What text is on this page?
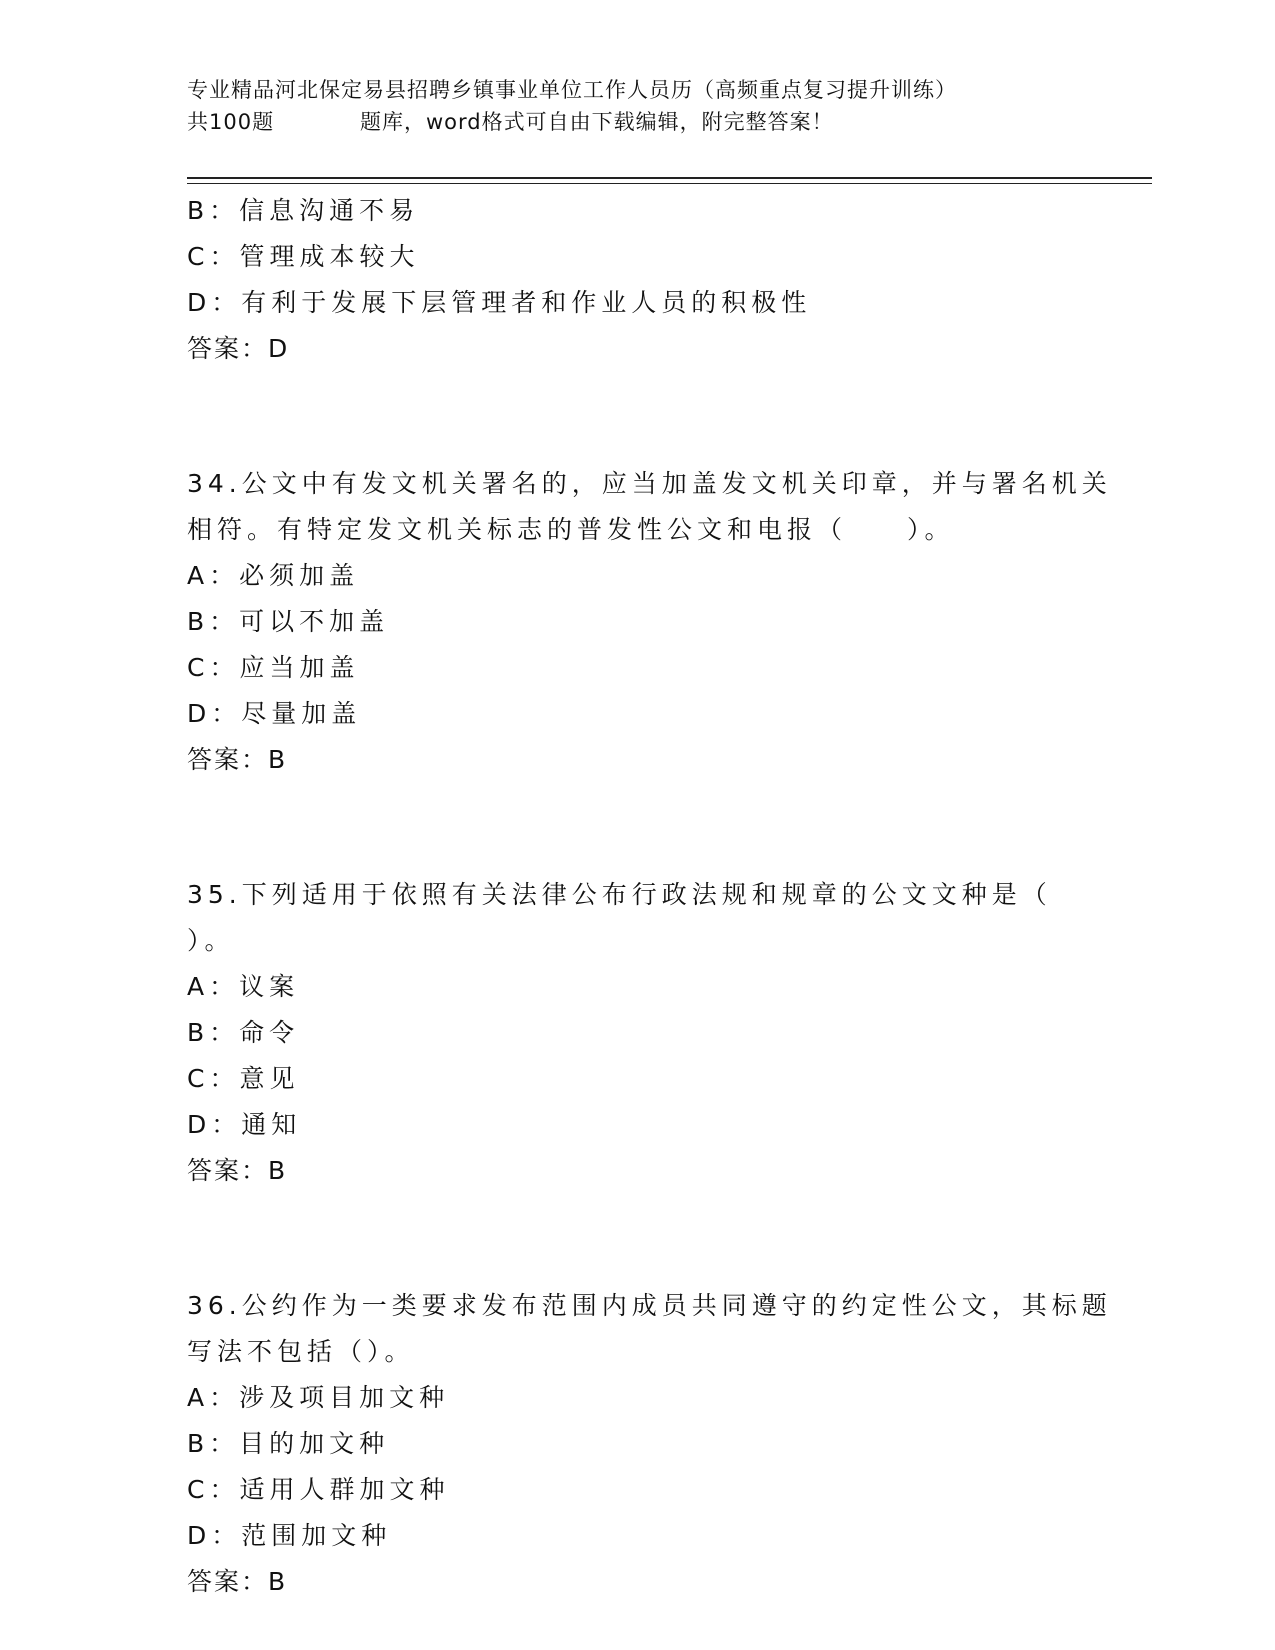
专业精品河北保定易县招聘乡镇事业单位工作人员历（高频重点复习提升训练）
共100题	题库，word格式可自由下载编辑，附完整答案！
B：信息沟通不易
C：管理成本较大
D：有利于发展下层管理者和作业人员的积极性
答案：D
34.公文中有发文机关署名的，应当加盖发文机关印章，并与署名机关
相符。有特定发文机关标志的普发性公文和电报（　　）。
A：必须加盖
B：可以不加盖
C：应当加盖
D：尽量加盖
答案：B
35.下列适用于依照有关法律公布行政法规和规章的公文文种是（
）。
A：议案
B：命令
C：意见
D：通知
答案：B
36.公约作为一类要求发布范围内成员共同遵守的约定性公文，其标题
写法不包括（）。
A：涉及项目加文种
B：目的加文种
C：适用人群加文种
D：范围加文种
答案：B
